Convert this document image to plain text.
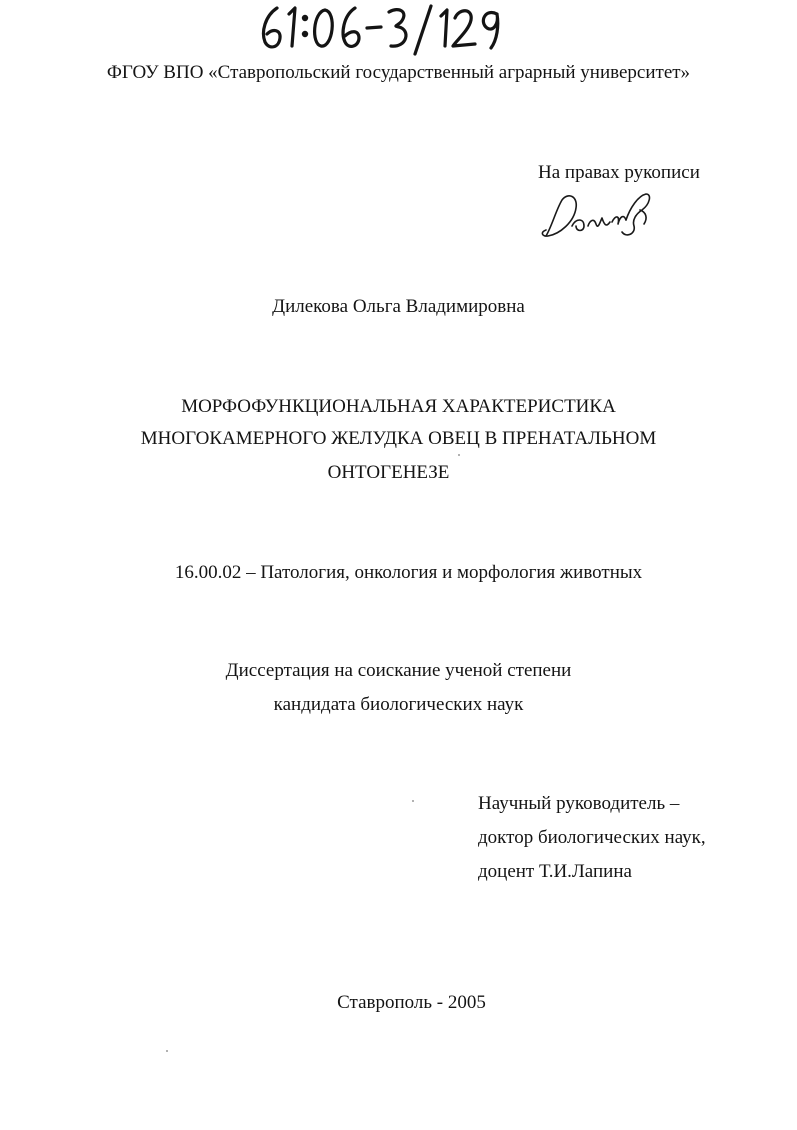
ФГОУ ВПО «Ставропольский государственный аграрный университет»
На правах рукописи
Дилекова Ольга Владимировна
МОРФОФУНКЦИОНАЛЬНАЯ ХАРАКТЕРИСТИКА
МНОГОКАМЕРНОГО ЖЕЛУДКА ОВЕЦ В ПРЕНАТАЛЬНОМ
ОНТОГЕНЕЗЕ
16.00.02 – Патология, онкология и морфология животных
Диссертация на соискание ученой степени
кандидата биологических наук
Научный руководитель –
доктор биологических наук,
доцент Т.И.Лапина
Ставрополь - 2005
